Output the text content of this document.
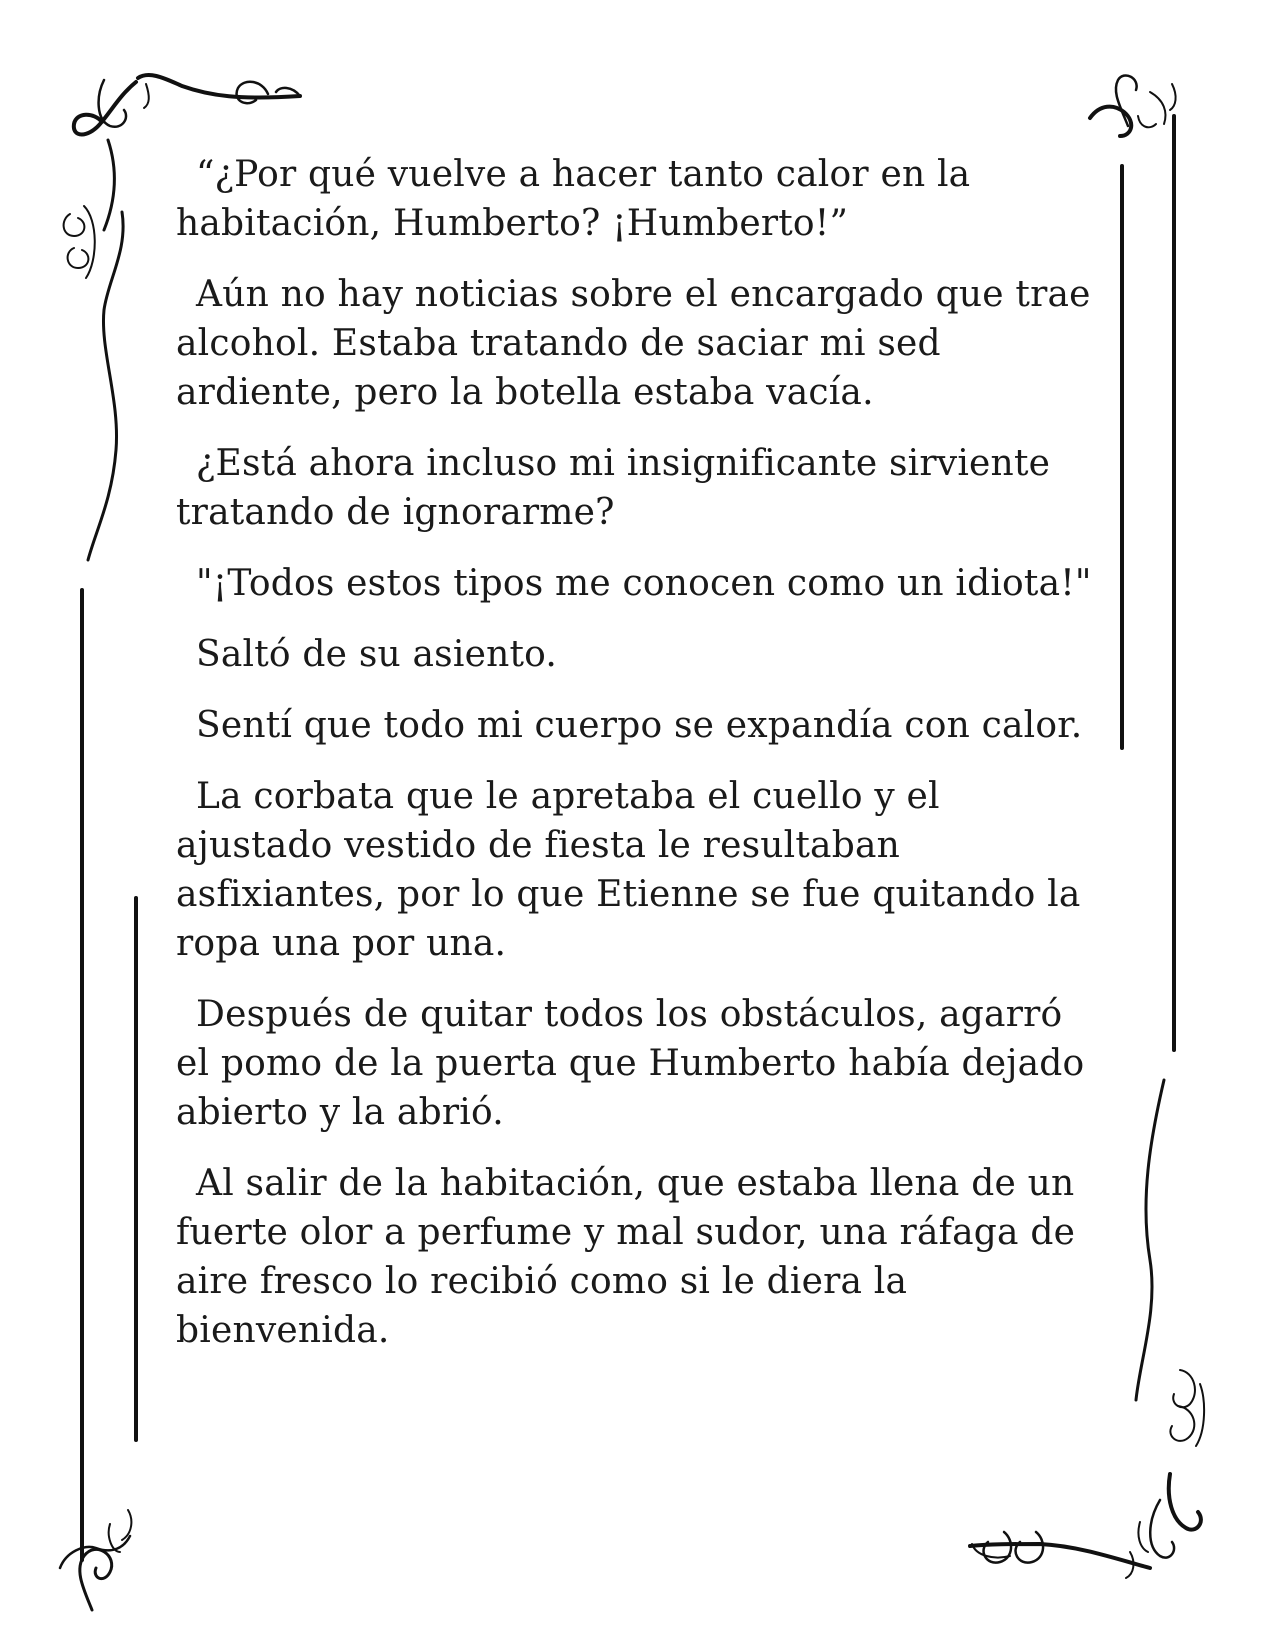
“¿Por qué vuelve a hacer tanto calor en la habitación, Humberto? ¡Humberto!”

Aún no hay noticias sobre el encargado que trae alcohol. Estaba tratando de saciar mi sed ardiente, pero la botella estaba vacía.

¿Está ahora incluso mi insignificante sirviente tratando de ignorarme?

"¡Todos estos tipos me conocen como un idiota!"

Saltó de su asiento.

Sentí que todo mi cuerpo se expandía con calor.

La corbata que le apretaba el cuello y el ajustado vestido de fiesta le resultaban asfixiantes, por lo que Etienne se fue quitando la ropa una por una.

Después de quitar todos los obstáculos, agarró el pomo de la puerta que Humberto había dejado abierto y la abrió.

Al salir de la habitación, que estaba llena de un fuerte olor a perfume y mal sudor, una ráfaga de aire fresco lo recibió como si le diera la bienvenida.
